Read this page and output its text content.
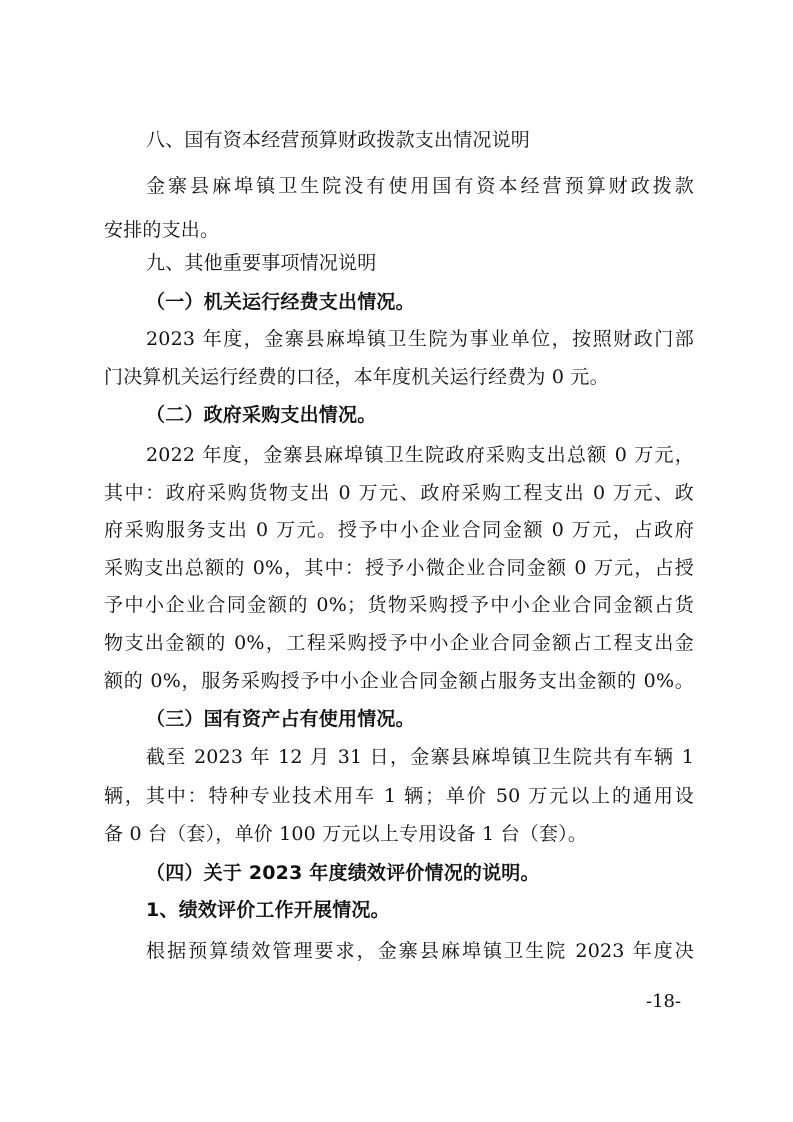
八、国有资本经营预算财政拨款支出情况说明
金寨县麻埠镇卫生院没有使用国有资本经营预算财政拨款
安排的支出。
九、其他重要事项情况说明
（一）机关运行经费支出情况。
2023 年度，金寨县麻埠镇卫生院为事业单位，按照财政门部
门决算机关运行经费的口径，本年度机关运行经费为 0 元。
（二）政府采购支出情况。
2022 年度，金寨县麻埠镇卫生院政府采购支出总额 0 万元，
其中：政府采购货物支出 0 万元、政府采购工程支出 0 万元、政
府采购服务支出 0 万元。授予中小企业合同金额 0 万元，占政府
采购支出总额的 0%，其中：授予小微企业合同金额 0 万元，占授
予中小企业合同金额的 0%；货物采购授予中小企业合同金额占货
物支出金额的 0%，工程采购授予中小企业合同金额占工程支出金
额的 0%，服务采购授予中小企业合同金额占服务支出金额的 0%。
（三）国有资产占有使用情况。
截至 2023 年 12 月 31 日，金寨县麻埠镇卫生院共有车辆 1
辆，其中：特种专业技术用车 1 辆；单价 50 万元以上的通用设
备 0 台（套），单价 100 万元以上专用设备 1 台（套）。
（四）关于 2023 年度绩效评价情况的说明。
1、绩效评价工作开展情况。
根据预算绩效管理要求，金寨县麻埠镇卫生院 2023 年度决
-18-
